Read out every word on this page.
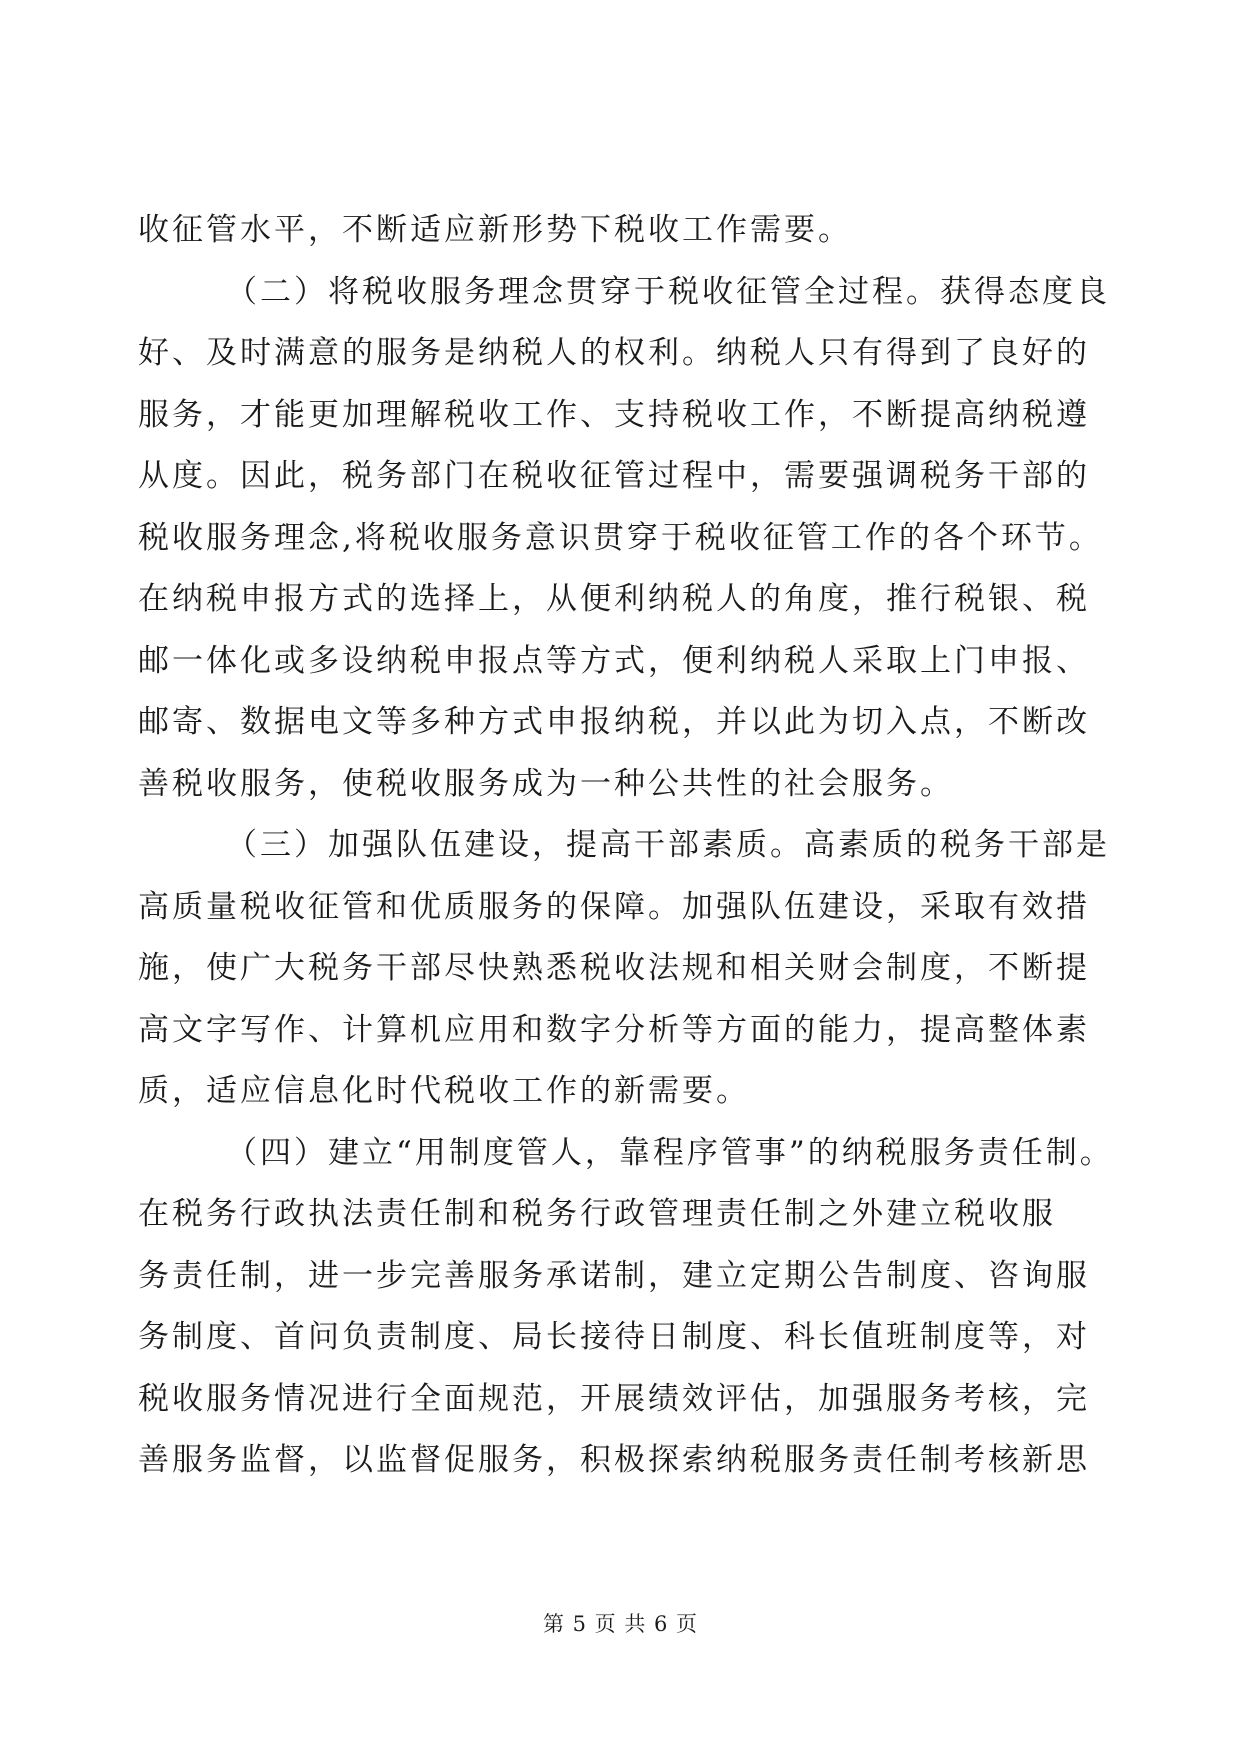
收征管水平，不断适应新形势下税收工作需要。
（二）将税收服务理念贯穿于税收征管全过程。获得态度良
好、及时满意的服务是纳税人的权利。纳税人只有得到了良好的
服务，才能更加理解税收工作、支持税收工作，不断提高纳税遵
从度。因此，税务部门在税收征管过程中，需要强调税务干部的
税收服务理念,将税收服务意识贯穿于税收征管工作的各个环节。
在纳税申报方式的选择上，从便利纳税人的角度，推行税银、税
邮一体化或多设纳税申报点等方式，便利纳税人采取上门申报、
邮寄、数据电文等多种方式申报纳税，并以此为切入点，不断改
善税收服务，使税收服务成为一种公共性的社会服务。
（三）加强队伍建设，提高干部素质。高素质的税务干部是
高质量税收征管和优质服务的保障。加强队伍建设，采取有效措
施，使广大税务干部尽快熟悉税收法规和相关财会制度，不断提
高文字写作、计算机应用和数字分析等方面的能力，提高整体素
质，适应信息化时代税收工作的新需要。
（四）建立“用制度管人，靠程序管事”的纳税服务责任制。
在税务行政执法责任制和税务行政管理责任制之外建立税收服
务责任制，进一步完善服务承诺制，建立定期公告制度、咨询服
务制度、首问负责制度、局长接待日制度、科长值班制度等，对
税收服务情况进行全面规范，开展绩效评估，加强服务考核，完
善服务监督，以监督促服务，积极探索纳税服务责任制考核新思
第 5 页 共 6 页
